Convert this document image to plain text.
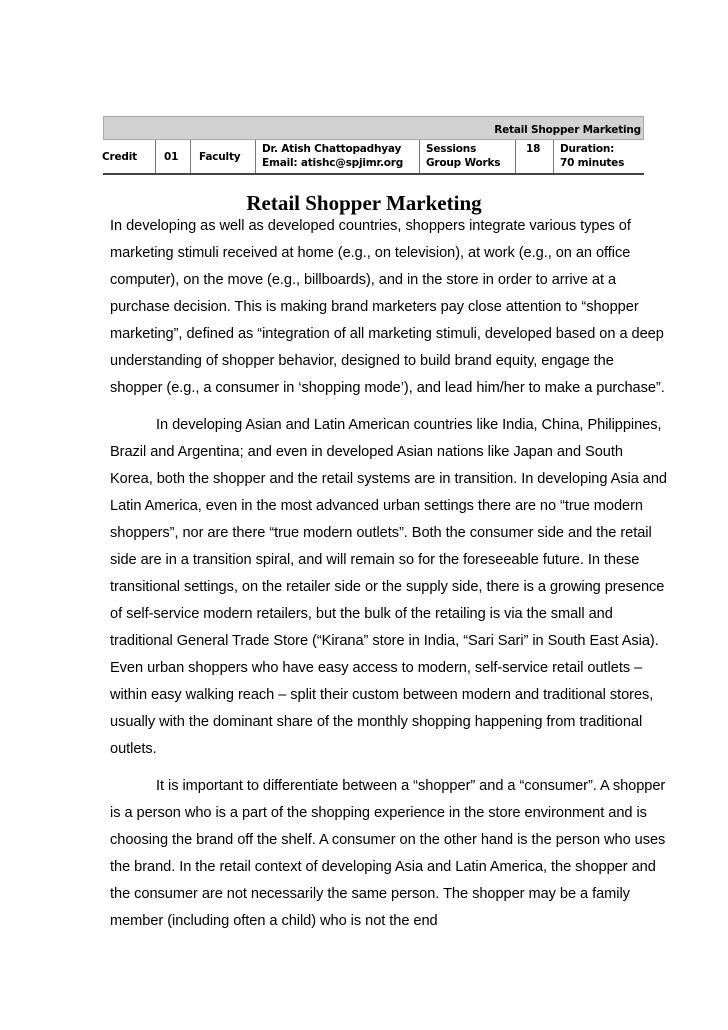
Retail Shopper Marketing
Credit	01 Faculty
Dr. Atish Chattopadhyay
Email: atishc@spjimr.org
Sessions
Group Works
18 Duration:
70 minutes
Retail Shopper Marketing

In developing as well as developed countries, shoppers integrate various types of marketing stimuli received at home (e.g., on television), at work (e.g., on an office computer), on the move (e.g., billboards), and in the store in order to arrive at a purchase decision. This is making brand marketers pay close attention to “shopper marketing”, defined as “integration of all marketing stimuli, developed based on a deep understanding of shopper behavior, designed to build brand equity, engage the shopper (e.g., a consumer in ‘shopping mode’), and lead him/her to make a purchase”.

In developing Asian and Latin American countries like India, China, Philippines, Brazil and Argentina; and even in developed Asian nations like Japan and South Korea, both the shopper and the retail systems are in transition. In developing Asia and Latin America, even in the most advanced urban settings there are no “true modern shoppers”, nor are there “true modern outlets”. Both the consumer side and the retail side are in a transition spiral, and will remain so for the foreseeable future. In these transitional settings, on the retailer side or the supply side, there is a growing presence of self-service modern retailers, but the bulk of the retailing is via the small and traditional General Trade Store (“Kirana” store in India, “Sari Sari” in South East Asia). Even urban shoppers who have easy access to modern, self-service retail outlets – within easy walking reach – split their custom between modern and traditional stores, usually with the dominant share of the monthly shopping happening from traditional outlets.

It is important to differentiate between a “shopper” and a “consumer”. A shopper is a person who is a part of the shopping experience in the store environment and is choosing the brand off the shelf. A consumer on the other hand is the person who uses the brand. In the retail context of developing Asia and Latin America, the shopper and the consumer are not necessarily the same person. The shopper may be a family member (including often a child) who is not the end
